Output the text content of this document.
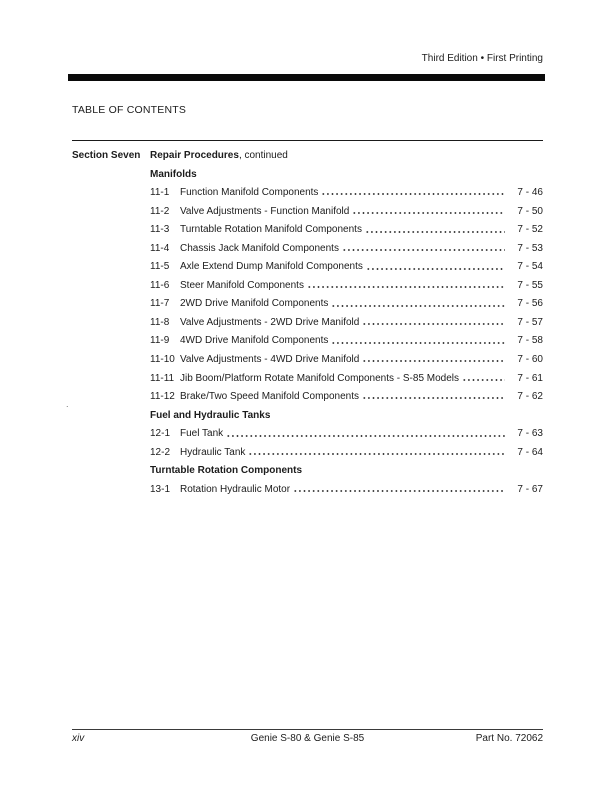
Third Edition • First Printing
TABLE OF CONTENTS
Section Seven Repair Procedures, continued
Manifolds
11-1	Function Manifold Components	7 - 46
11-2	Valve Adjustments - Function Manifold	7 - 50
11-3	Turntable Rotation Manifold Components	7 - 52
11-4	Chassis Jack Manifold Components	7 - 53
11-5	Axle Extend Dump Manifold Components	7 - 54
11-6	Steer Manifold Components	7 - 55
11-7	2WD Drive Manifold Components	7 - 56
11-8	Valve Adjustments - 2WD Drive Manifold	7 - 57
11-9	4WD Drive Manifold Components	7 - 58
11-10 Valve Adjustments - 4WD Drive Manifold	7 - 60
11-11 Jib Boom/Platform Rotate Manifold Components - S-85 Models	7 - 61
11-12 Brake/Two Speed Manifold Components	7 - 62
Fuel and Hydraulic Tanks
12-1 Fuel Tank	7 - 63
12-2 Hydraulic Tank	7 - 64
Turntable Rotation Components
13-1 Rotation Hydraulic Motor	7 - 67
.
xiv	Genie S-80 & Genie S-85	Part No. 72062
